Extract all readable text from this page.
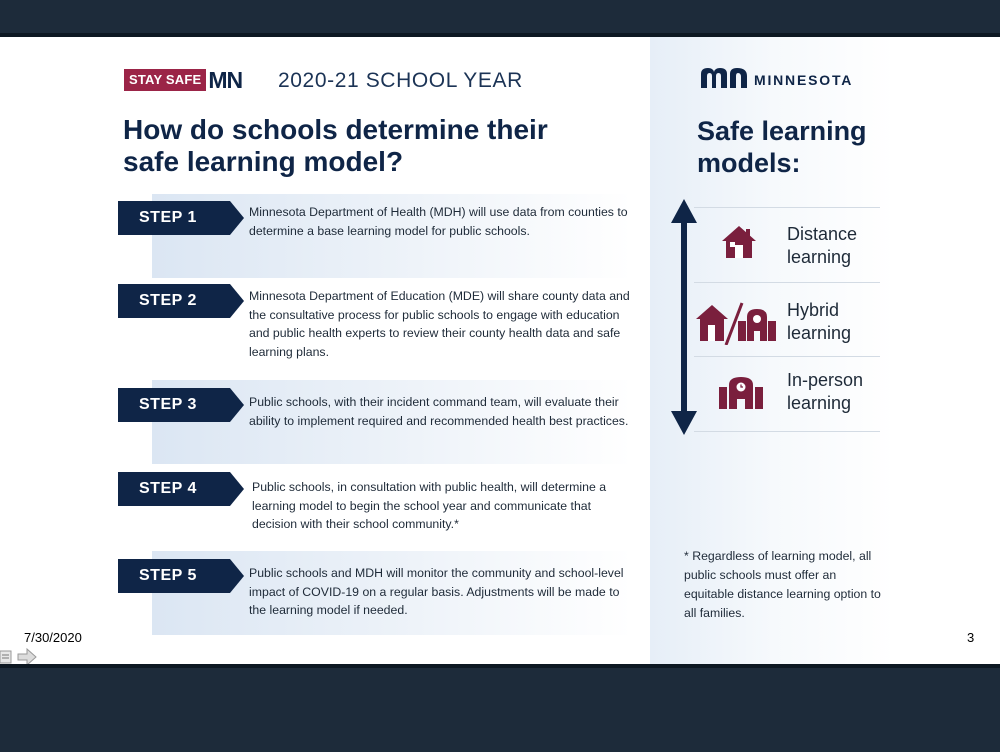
STAY SAFE MN 2020-21 SCHOOL YEAR
How do schools determine their safe learning model?
STEP 1	Minnesota Department of Health (MDH) will use data from counties to determine a base learning model for public schools.
STEP 2	Minnesota Department of Education (MDE) will share county data and the consultative process for public schools to engage with education and public health experts to review their county health data and safe learning plans.
STEP 3	Public schools, with their incident command team, will evaluate their ability to implement required and recommended health best practices.
STEP 4	Public schools, in consultation with public health, will determine a learning model to begin the school year and communicate that decision with their school community.*
STEP 5	Public schools and MDH will monitor the community and school-level impact of COVID-19 on a regular basis. Adjustments will be made to the learning model if needed.
MINNESOTA
Safe learning models:
Distance
learning
Hybrid
learning
In-person
learning
* Regardless of learning model, all public schools must offer an equitable distance learning option to all families.
7/30/2020	3
